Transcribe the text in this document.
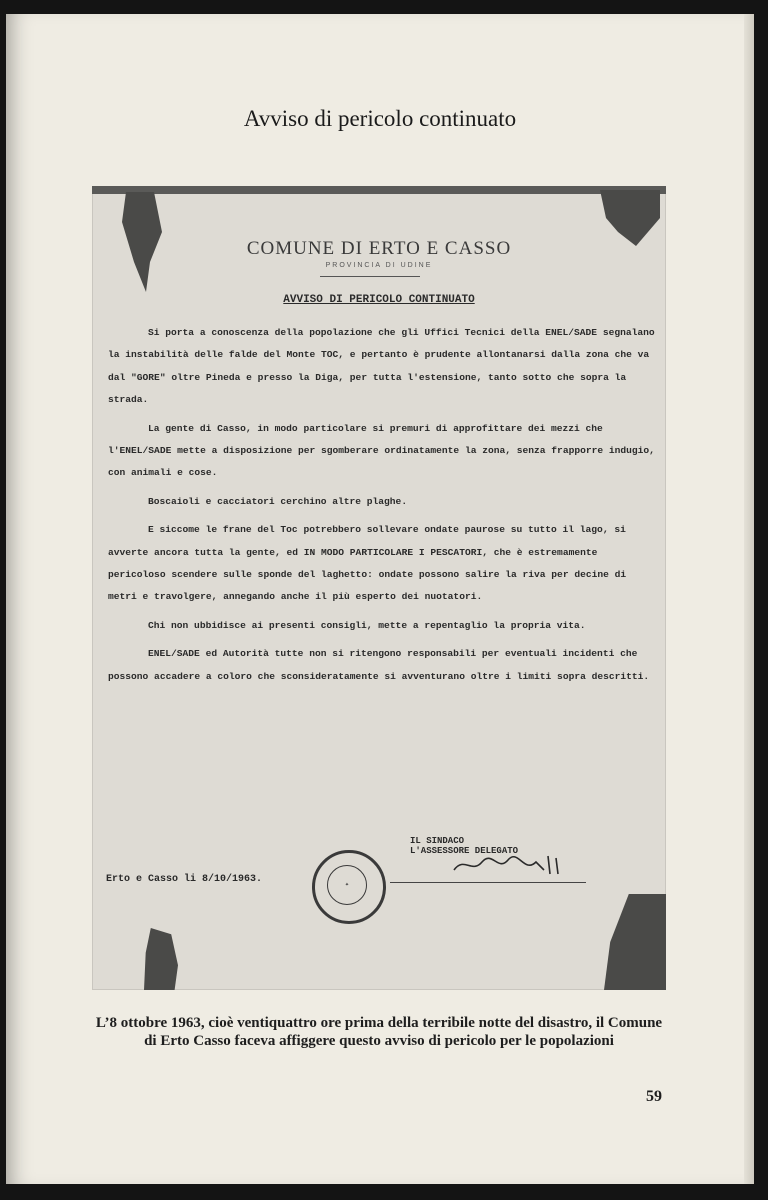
Avviso di pericolo continuato
COMUNE DI ERTO E CASSO
PROVINCIA DI UDINE
AVVISO DI PERICOLO CONTINUATO

Si porta a conoscenza della popolazione che gli Uffici Tecnici della ENEL/SADE segnalano la instabilità delle falde del Monte TOC, e pertanto è prudente allontanarsi dalla zona che va dal "GORE" oltre Pineda e presso la Diga, per tutta l'estensione, tanto sotto che sopra la strada.

La gente di Casso, in modo particolare si premuri di approfittare dei mezzi che l'ENEL/SADE mette a disposizione per sgomberare ordinatamente la zona, senza frapporre indugio, con animali e cose.

Boscaioli e cacciatori cerchino altre plaghe.

E siccome le frane del Toc potrebbero sollevare ondate paurose su tutto il lago, si avverte ancora tutta la gente, ed IN MODO PARTICOLARE I PESCATORI, che è estremamente pericoloso scendere sulle sponde del laghetto: ondate possono salire la riva per decine di metri e travolgere, annegando anche il più esperto dei nuotatori.

Chi non ubbidisce ai presenti consigli, mette a repentaglio la propria vita.

ENEL/SADE ed Autorità tutte non si ritengono responsabili per eventuali incidenti che possono accadere a coloro che sconsideratamente si avventurano oltre i limiti sopra descritti.

IL SINDACO
L'ASSESSORE DELEGATO
Erto e Casso li 8/10/1963.	✦
L’8 ottobre 1963, cioè ventiquattro ore prima della terribile notte del disastro, il Comune di Erto Casso faceva affiggere questo avviso di pericolo per le popolazioni
59
